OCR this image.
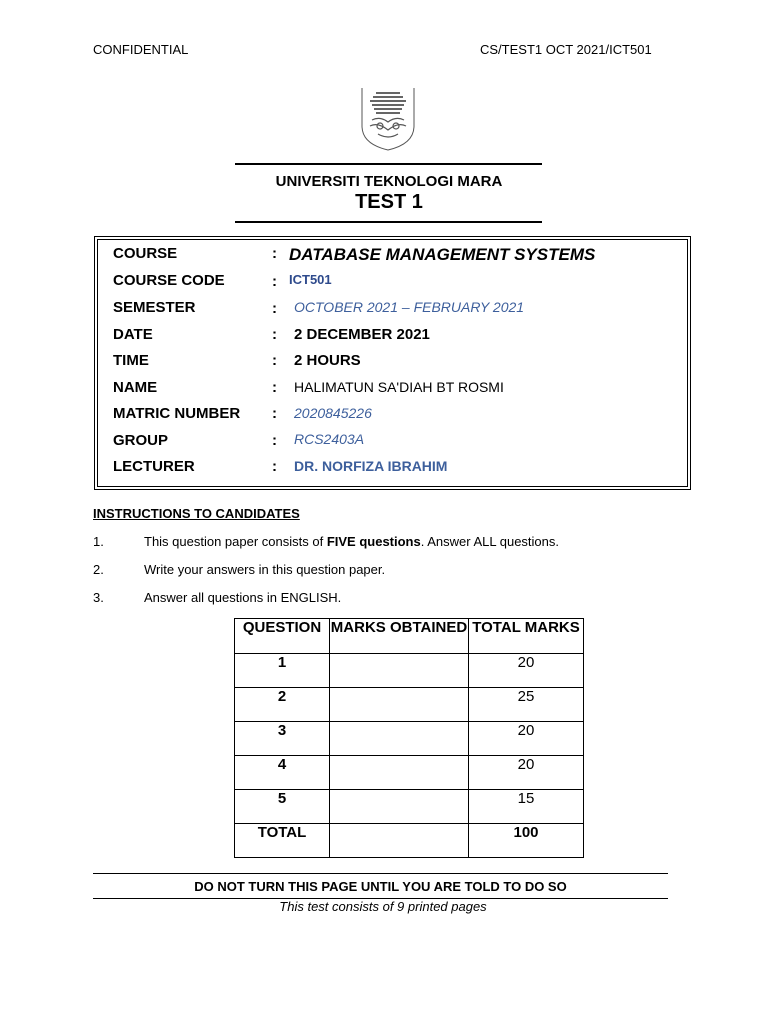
CONFIDENTIAL	CS/TEST1 OCT 2021/ICT501
UNIVERSITI TEKNOLOGI MARA
TEST 1
COURSE	: DATABASE MANAGEMENT SYSTEMS
COURSE CODE	: ICT501
SEMESTER	: OCTOBER 2021 – FEBRUARY 2021
DATE	: 2 DECEMBER 2021
TIME	: 2 HOURS
NAME	: HALIMATUN SA'DIAH BT ROSMI
MATRIC NUMBER : 2020845226
GROUP	: RCS2403A
LECTURER	: DR. NORFIZA IBRAHIM
INSTRUCTIONS TO CANDIDATES
1.	This question paper consists of FIVE questions. Answer ALL questions.
2.	Write your answers in this question paper.
3.	Answer all questions in ENGLISH.
QUESTION	MARKS OBTAINED	TOTAL MARKS
1		20
2		25
3		20
4		20
5		15
TOTAL		100
DO NOT TURN THIS PAGE UNTIL YOU ARE TOLD TO DO SO
This test consists of 9 printed pages
